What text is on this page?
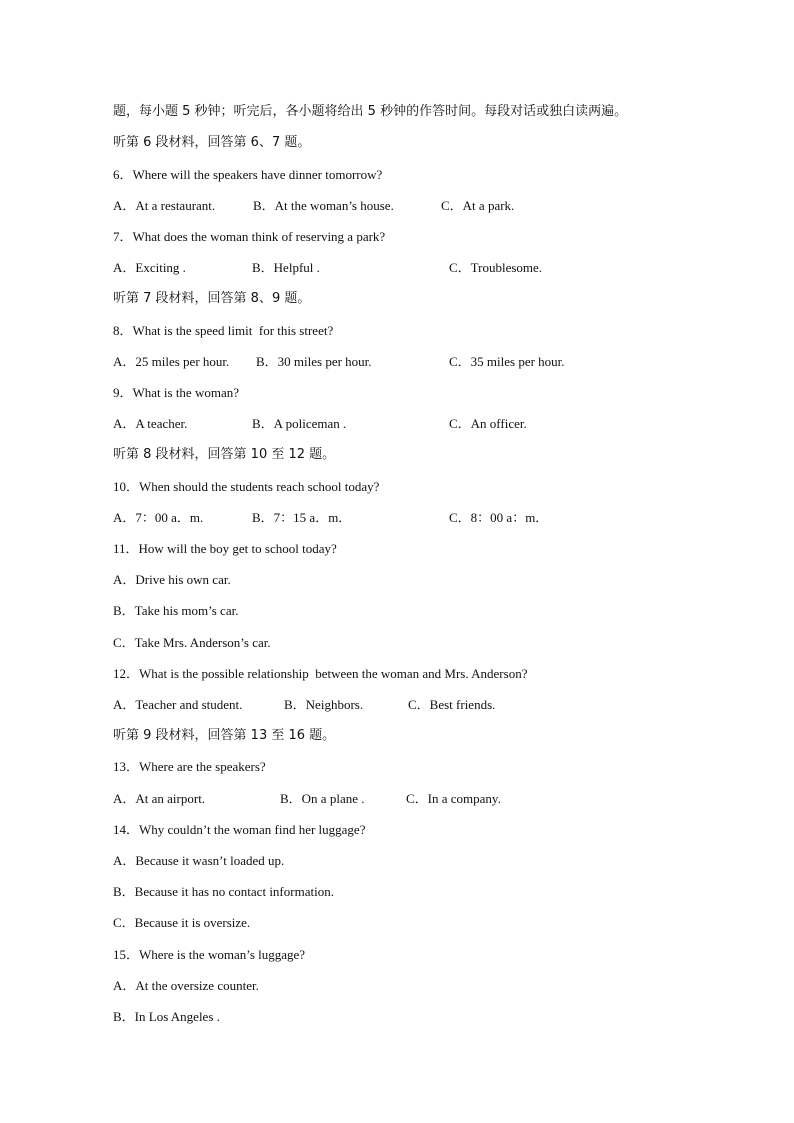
题，每小题 5 秒钟；听完后，各小题将给出 5 秒钟的作答时间。每段对话或独白读两遍。
听第 6 段材料，回答第 6、7 题。
6．Where will the speakers have dinner tomorrow?
A．At a restaurant.	B．At the woman’s house.	C．At a park.
7．What does the woman think of reserving a park?
A．Exciting .	B．Helpful .	C．Troublesome.
听第 7 段材料，回答第 8、9 题。
8．What is the speed limit  for this street?
A．25 miles per hour. B．30 miles per hour.	C．35 miles per hour.
9．What is the woman?
A．A teacher.	B．A policeman .	C．An officer.
听第 8 段材料，回答第 10 至 12 题。
10．When should the students reach school today?
A．7：00 a．m.	B．7：15 a．m．	C．8：00 a：m．
11．How will the boy get to school today?
A．Drive his own car.
B．Take his mom’s car.
C．Take Mrs. Anderson’s car.
12．What is the possible relationship  between the woman and Mrs. Anderson?
A．Teacher and student.	B．Neighbors.	C．Best friends.
听第 9 段材料，回答第 13 至 16 题。
13．Where are the speakers?
A．At an airport.	B．On a plane .	C．In a company.
14．Why couldn’t the woman find her luggage?
A．Because it wasn’t loaded up.
B．Because it has no contact information.
C．Because it is oversize.
15．Where is the woman’s luggage?
A．At the oversize counter.
B．In Los Angeles .
